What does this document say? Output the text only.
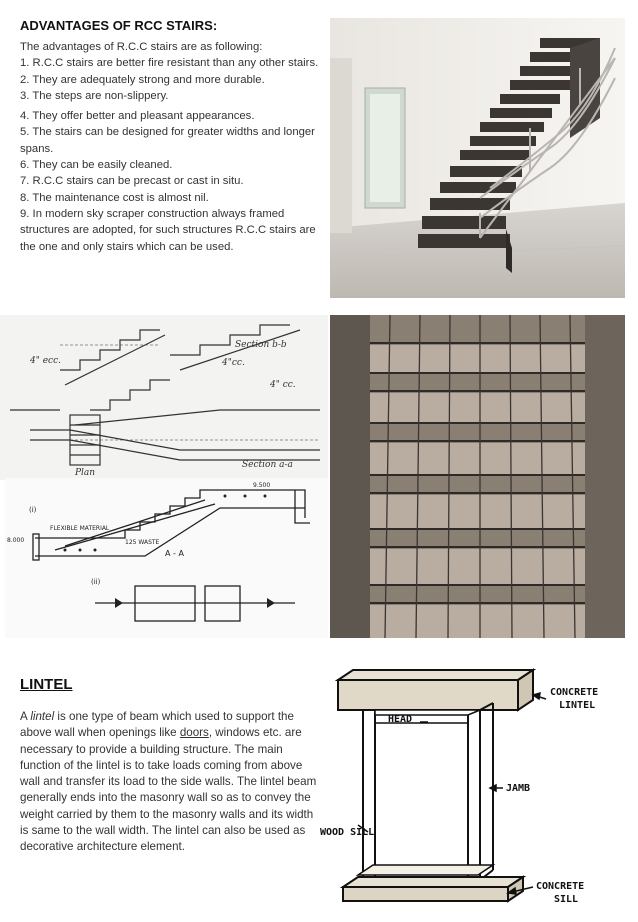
ADVANTAGES OF RCC STAIRS:

The advantages of R.C.C stairs are as following:

1. R.C.C stairs are better fire resistant than any other stairs.

2. They are adequately strong and more durable.

3. The steps are non-slippery.

4. They offer better and pleasant appearances.

5. The stairs can be designed for greater widths and longer spans.

6. They can be easily cleaned.

7. R.C.C stairs can be precast or cast in situ.

8. The maintenance cost is almost nil.

9. In modern sky scraper construction always framed structures are adopted, for such structures R.C.C stairs are the one and only stairs which can be used.

Section b-b
Section a-a
Plan
4" ecc.	4"cc.
4" cc.
FLEXIBLE MATERIAL
125 WASTE
A - A
9.500
8.000
(i)
(ii)
LINTEL
A lintel is one type of beam which used to support the above wall when openings like doors, windows etc. are necessary to provide a building structure. The main function of the lintel is to take loads coming from above wall and transfer its load to the side walls. The lintel beam generally ends into the masonry wall so as to convey the weight carried by them to the masonry walls and its width is same to the wall width. The lintel can also be used as decorative architecture element.
CONCRETE
LINTEL
HEAD
JAMB
WOOD SILL
CONCRETE
SILL
